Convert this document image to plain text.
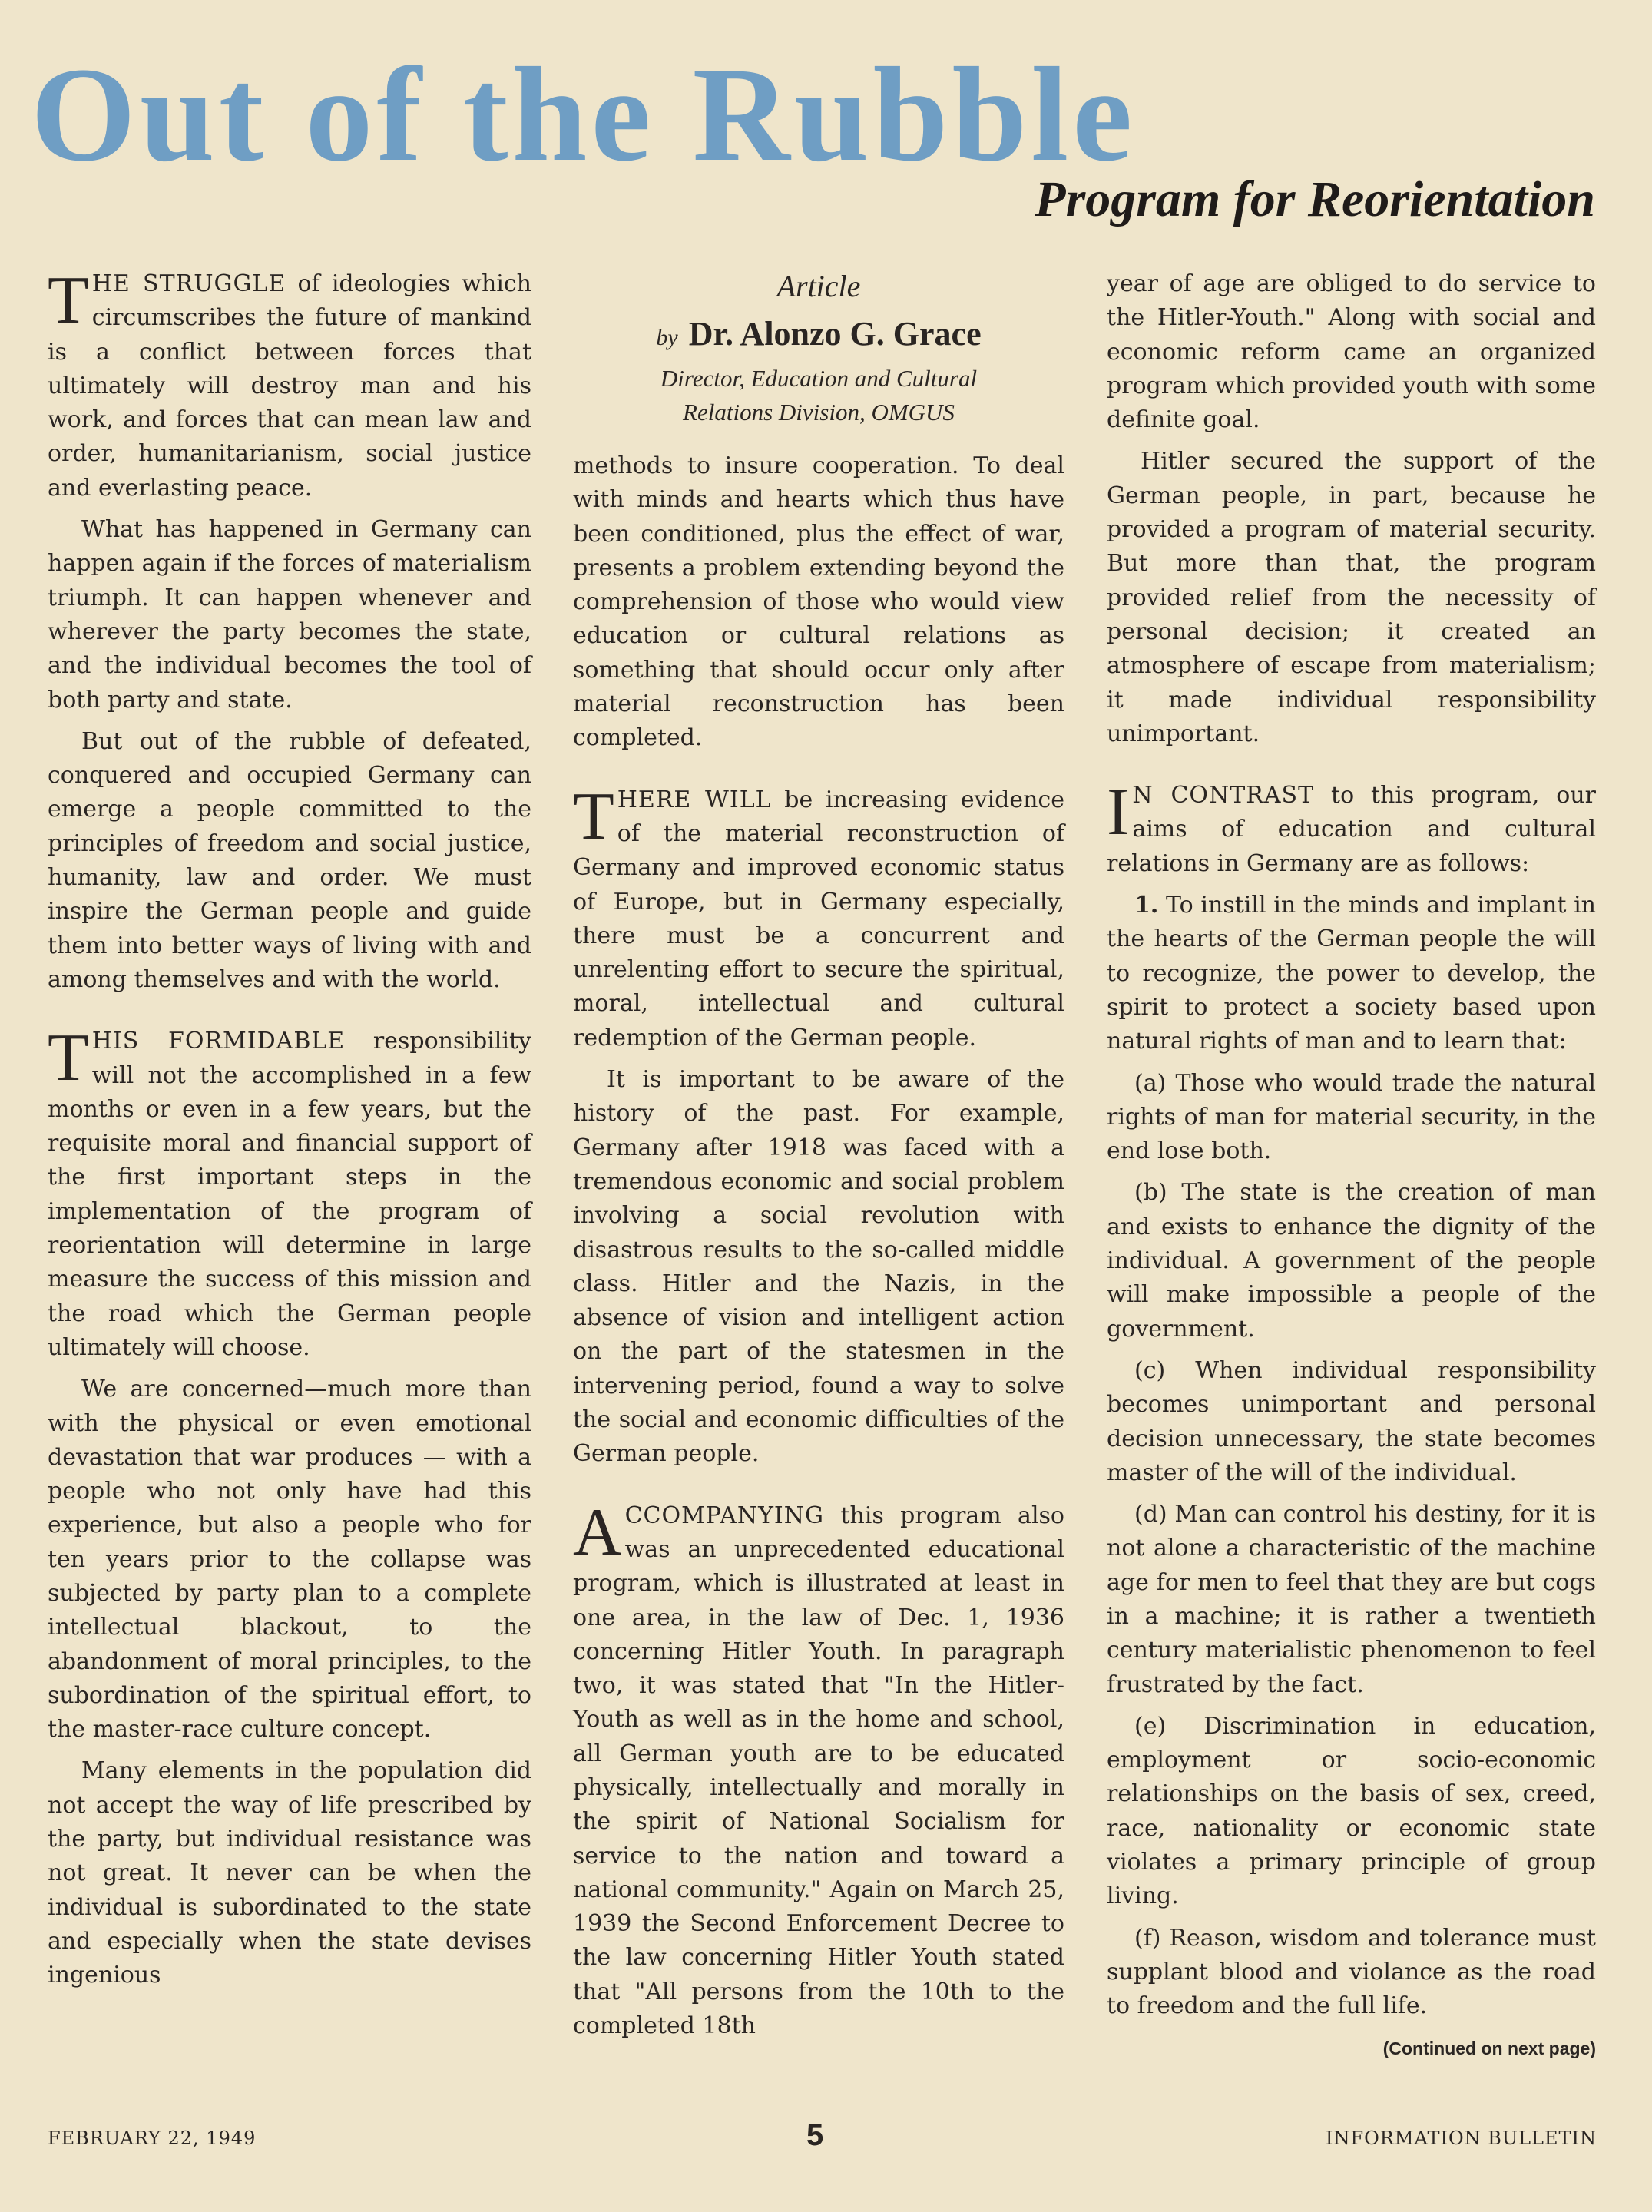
Out of the Rubble
Program for Reorientation

THE STRUGGLE of ideologies which circumscribes the future of mankind is a conflict between forces that ultimately will destroy man and his work, and forces that can mean law and order, humanitarianism, social justice and everlasting peace.

What has happened in Germany can happen again if the forces of materialism triumph. It can happen whenever and wherever the party becomes the state, and the individual becomes the tool of both party and state.

But out of the rubble of defeated, conquered and occupied Germany can emerge a people committed to the principles of freedom and social justice, humanity, law and order. We must inspire the German people and guide them into better ways of living with and among themselves and with the world.

THIS FORMIDABLE responsibility will not the accomplished in a few months or even in a few years, but the requisite moral and financial support of the first important steps in the implementation of the program of reorientation will determine in large measure the success of this mission and the road which the German people ultimately will choose.

We are concerned—much more than with the physical or even emotional devastation that war produces — with a people who not only have had this experience, but also a people who for ten years prior to the collapse was subjected by party plan to a complete intellectual blackout, to the abandonment of moral principles, to the subordination of the spiritual effort, to the master-race culture concept.

Many elements in the population did not accept the way of life prescribed by the party, but individual resistance was not great. It never can be when the individual is subordinated to the state and especially when the state devises ingenious

Article
by Dr. Alonzo G. Grace
Director, Education and Cultural
Relations Division, OMGUS

methods to insure cooperation. To deal with minds and hearts which thus have been conditioned, plus the effect of war, presents a problem extending beyond the comprehension of those who would view education or cultural relations as something that should occur only after material reconstruction has been completed.

THERE WILL be increasing evidence of the material reconstruction of Germany and improved economic status of Europe, but in Germany especially, there must be a concurrent and unrelenting effort to secure the spiritual, moral, intellectual and cultural redemption of the German people.

It is important to be aware of the history of the past. For example, Germany after 1918 was faced with a tremendous economic and social problem involving a social revolution with disastrous results to the so-called middle class. Hitler and the Nazis, in the absence of vision and intelligent action on the part of the statesmen in the intervening period, found a way to solve the social and economic difficulties of the German people.

ACCOMPANYING this program also was an unprecedented educational program, which is illustrated at least in one area, in the law of Dec. 1, 1936 concerning Hitler Youth. In paragraph two, it was stated that "In the Hitler-Youth as well as in the home and school, all German youth are to be educated physically, intellectually and morally in the spirit of National Socialism for service to the nation and toward a national community." Again on March 25, 1939 the Second Enforcement Decree to the law concerning Hitler Youth stated that "All persons from the 10th to the completed 18th

year of age are obliged to do service to the Hitler-Youth." Along with social and economic reform came an organized program which provided youth with some definite goal.

Hitler secured the support of the German people, in part, because he provided a program of material security. But more than that, the program provided relief from the necessity of personal decision; it created an atmosphere of escape from materialism; it made individual responsibility unimportant.

I N CONTRAST to this program, our aims of education and cultural relations in Germany are as follows:

1. To instill in the minds and implant in the hearts of the German people the will to recognize, the power to develop, the spirit to protect a society based upon natural rights of man and to learn that:

(a) Those who would trade the natural rights of man for material security, in the end lose both.

(b) The state is the creation of man and exists to enhance the dignity of the individual. A government of the people will make impossible a people of the government.

(c) When individual responsibility becomes unimportant and personal decision unnecessary, the state becomes master of the will of the individual.

(d) Man can control his destiny, for it is not alone a characteristic of the machine age for men to feel that they are but cogs in a machine; it is rather a twentieth century materialistic phenomenon to feel frustrated by the fact.

(e) Discrimination in education, employment or socio-economic relationships on the basis of sex, creed, race, nationality or economic state violates a primary principle of group living.

(f) Reason, wisdom and tolerance must supplant blood and violance as the road to freedom and the full life.

(Continued on next page)
FEBRUARY 22, 1949	5	INFORMATION BULLETIN
